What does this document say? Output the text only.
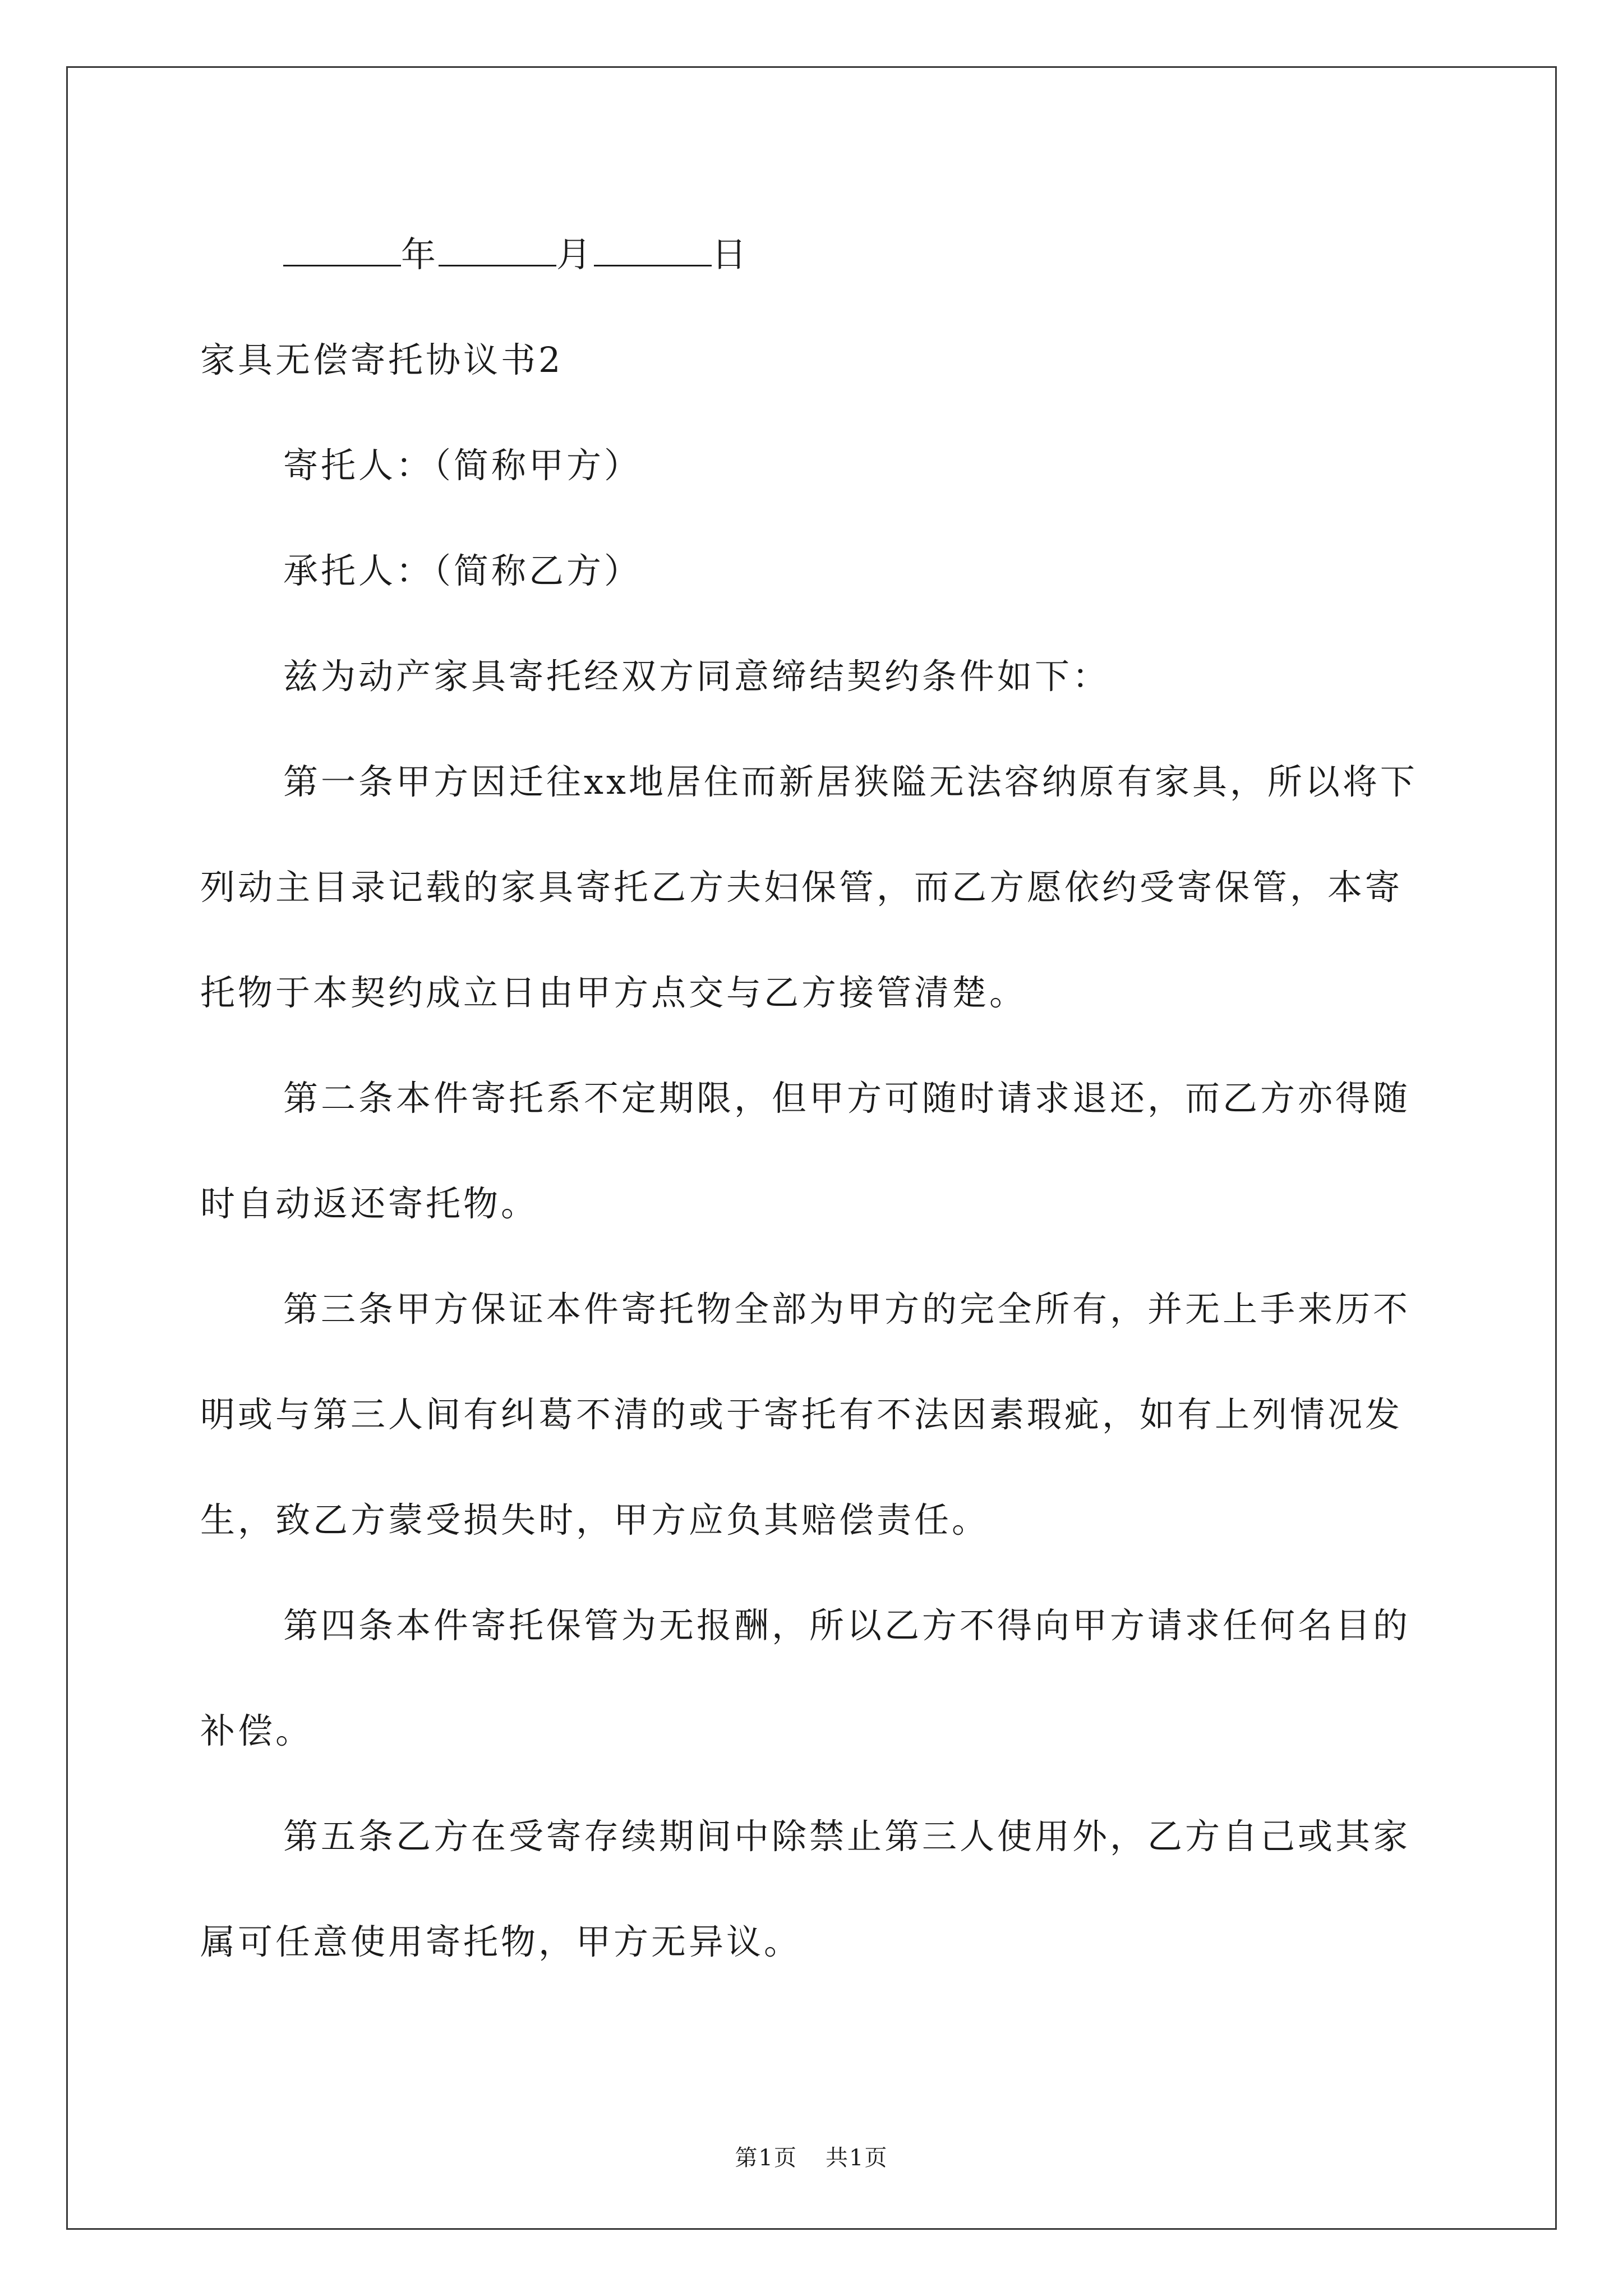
年	月	日

家具无偿寄托协议书2

寄托人：（简称甲方）

承托人：（简称乙方）

兹为动产家具寄托经双方同意缔结契约条件如下：

第一条甲方因迁往xx地居住而新居狭隘无法容纳原有家具，所以将下列动主目录记载的家具寄托乙方夫妇保管，而乙方愿依约受寄保管，本寄托物于本契约成立日由甲方点交与乙方接管清楚。

第二条本件寄托系不定期限，但甲方可随时请求退还，而乙方亦得随时自动返还寄托物。

第三条甲方保证本件寄托物全部为甲方的完全所有，并无上手来历不明或与第三人间有纠葛不清的或于寄托有不法因素瑕疵，如有上列情况发生，致乙方蒙受损失时，甲方应负其赔偿责任。

第四条本件寄托保管为无报酬，所以乙方不得向甲方请求任何名目的补偿。

第五条乙方在受寄存续期间中除禁止第三人使用外，乙方自己或其家属可任意使用寄托物，甲方无异议。

第1页 共1页
